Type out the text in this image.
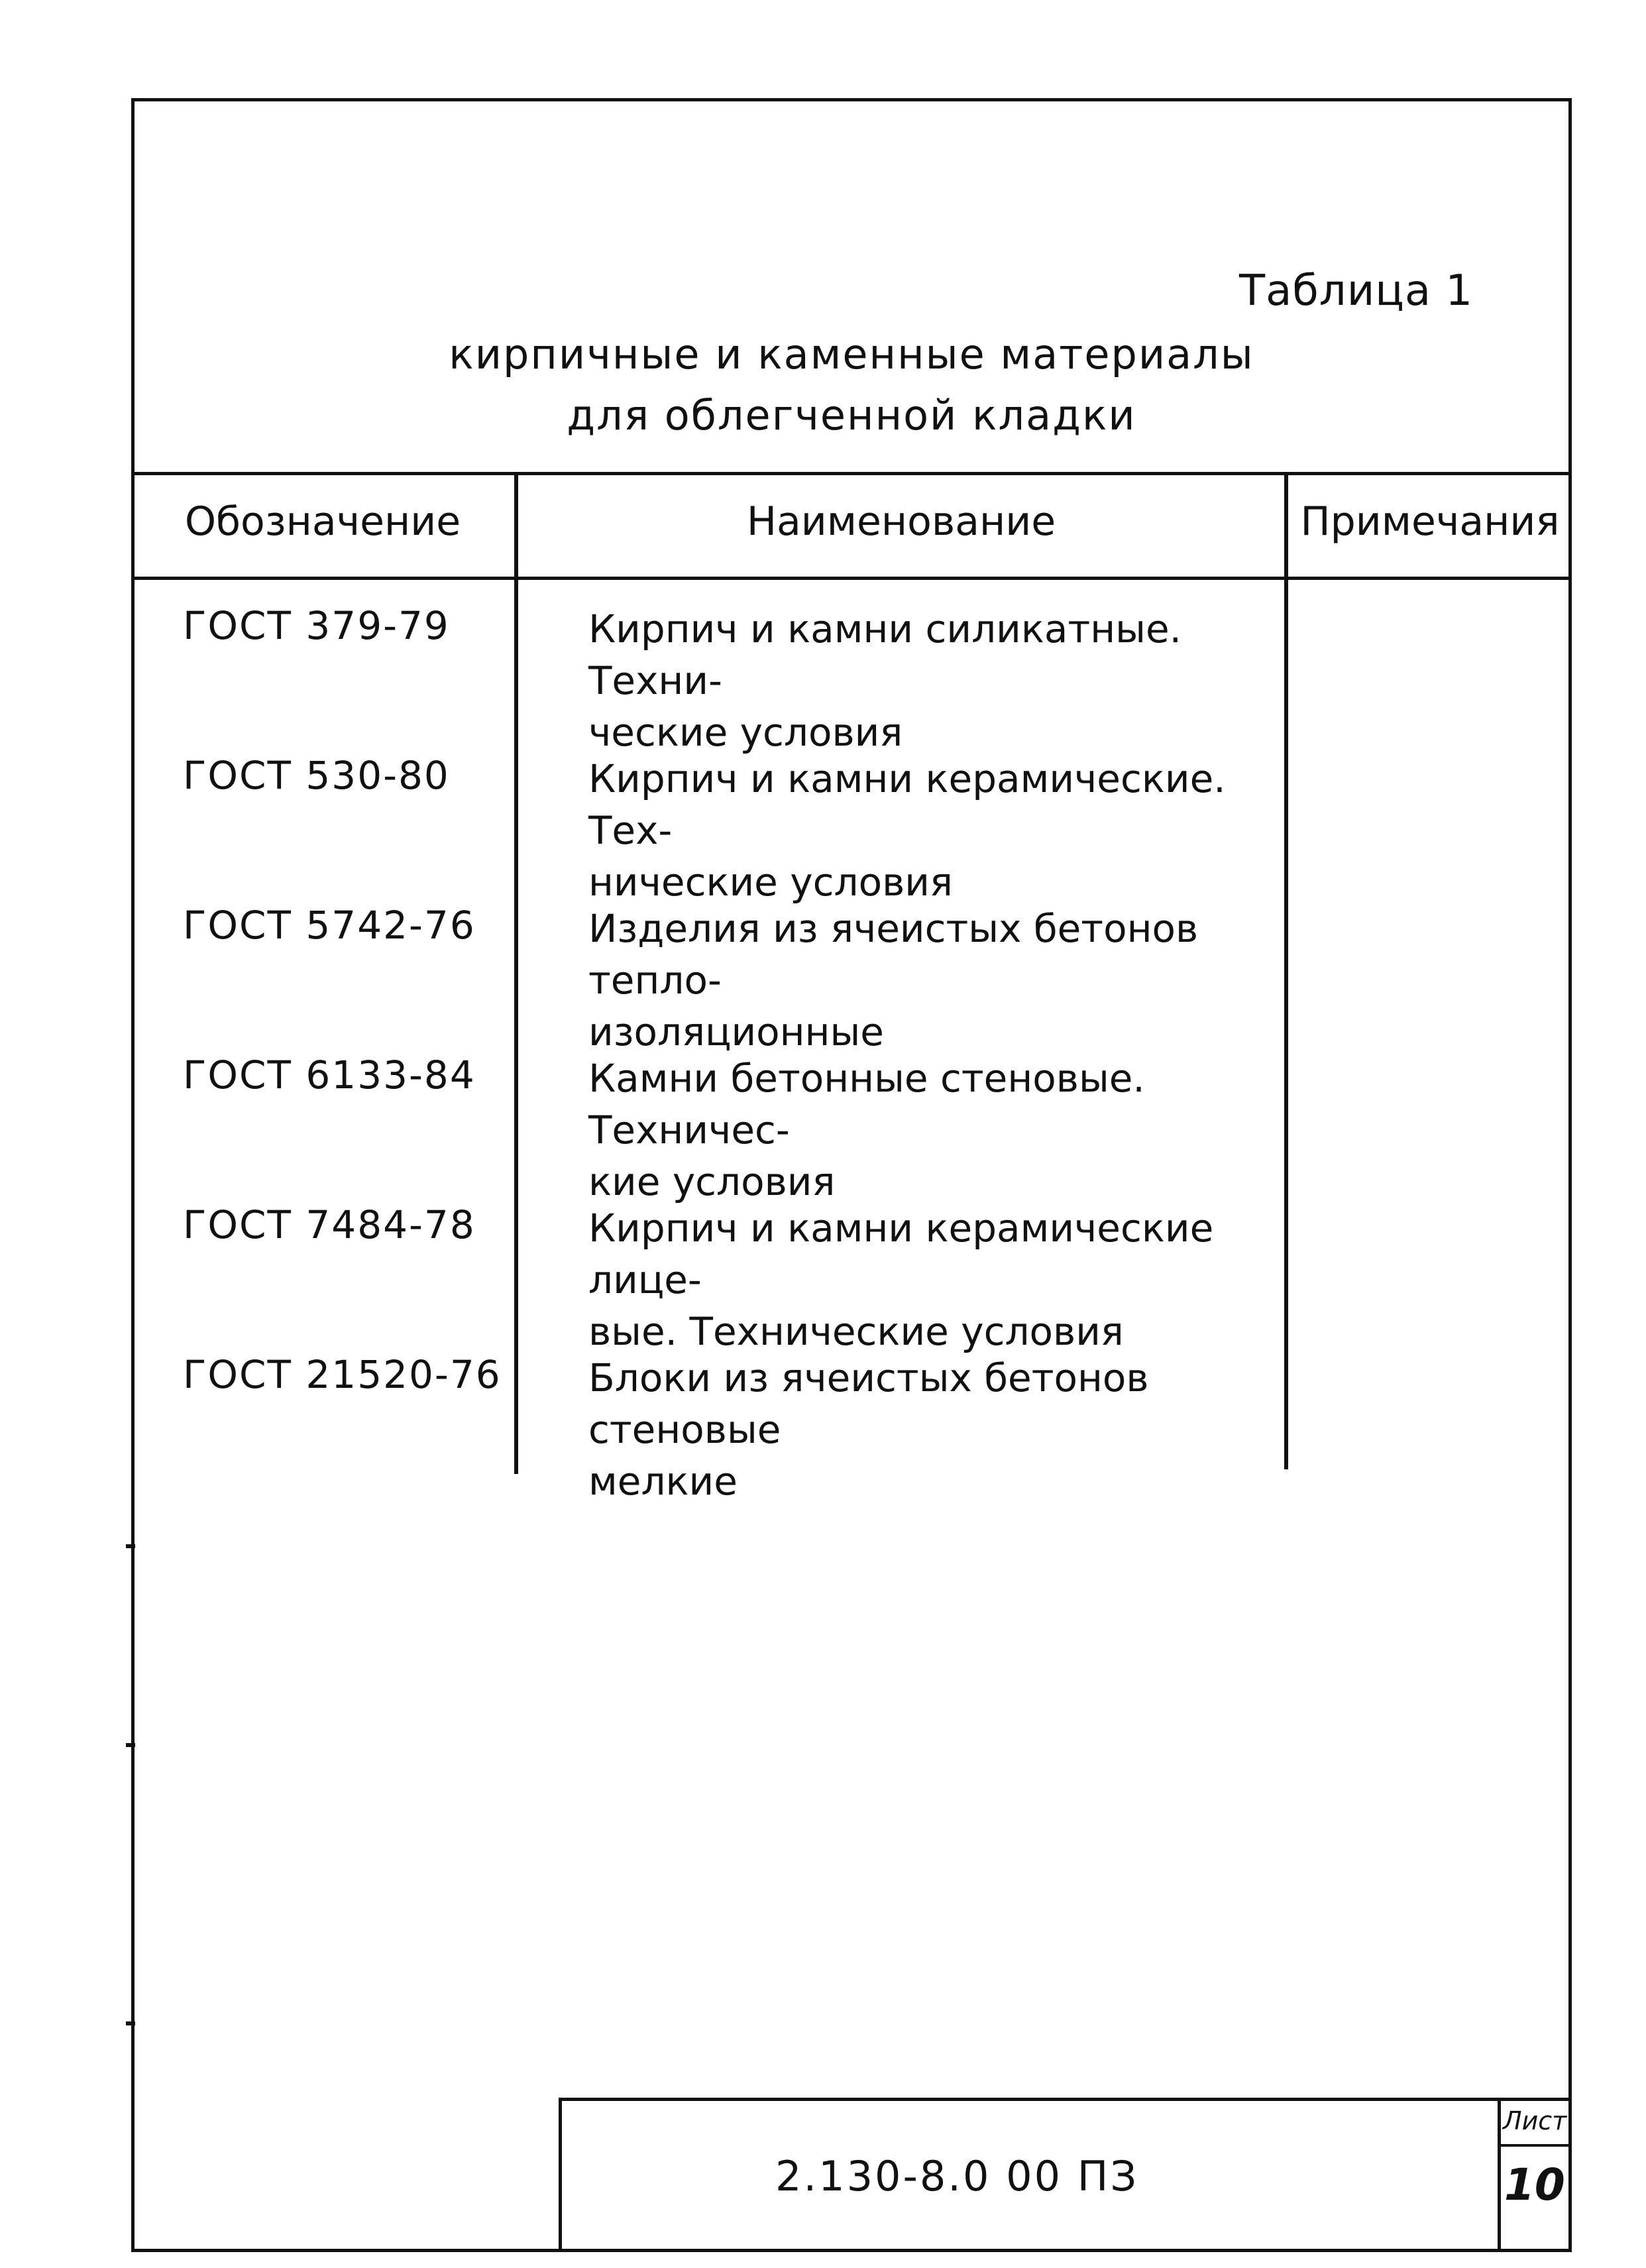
Таблица 1
кирпичные и каменные материалы
для облегченной кладки
Обозначение	Наименование	Примечания
ГОСТ 379-79	Кирпич и камни силикатные. Техни-
ческие условия
ГОСТ 530-80	Кирпич и камни керамические. Тех-
нические условия
ГОСТ 5742-76	Изделия из ячеистых бетонов тепло-
изоляционные
ГОСТ 6133-84	Камни бетонные стеновые. Техничес-
кие условия
ГОСТ 7484-78	Кирпич и камни керамические лице-
вые. Технические условия
ГОСТ 21520-76 Блоки из ячеистых бетонов стеновые
мелкие
2.130-8.0 00 ПЗ
Лист
10
